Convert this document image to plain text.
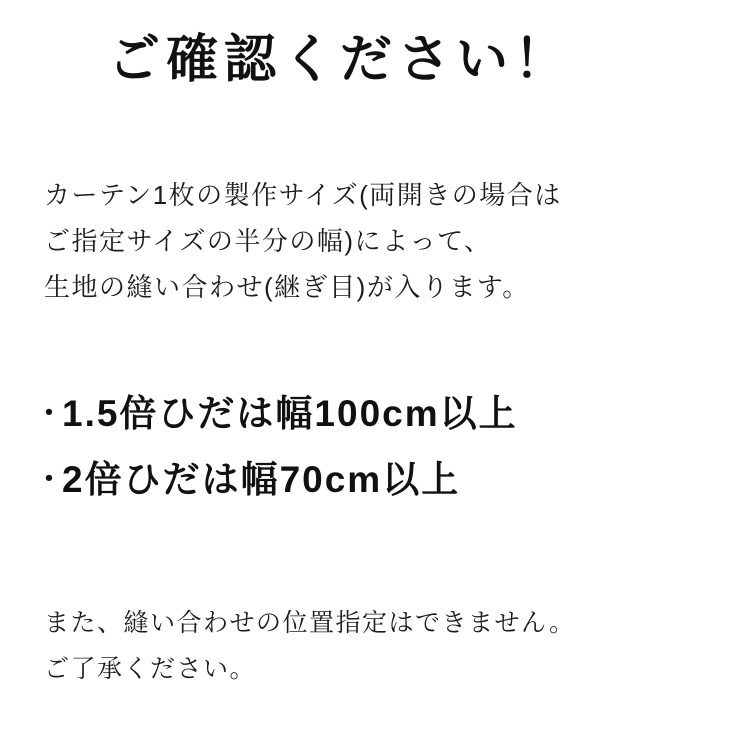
ご確認ください！
カーテン1枚の製作サイズ(両開きの場合は
ご指定サイズの半分の幅)によって、
生地の縫い合わせ(継ぎ目)が入ります。
・
1.5倍ひだは幅100cm以上
・
2倍ひだは幅70cm以上
また、縫い合わせの位置指定はできません。
ご了承ください。
